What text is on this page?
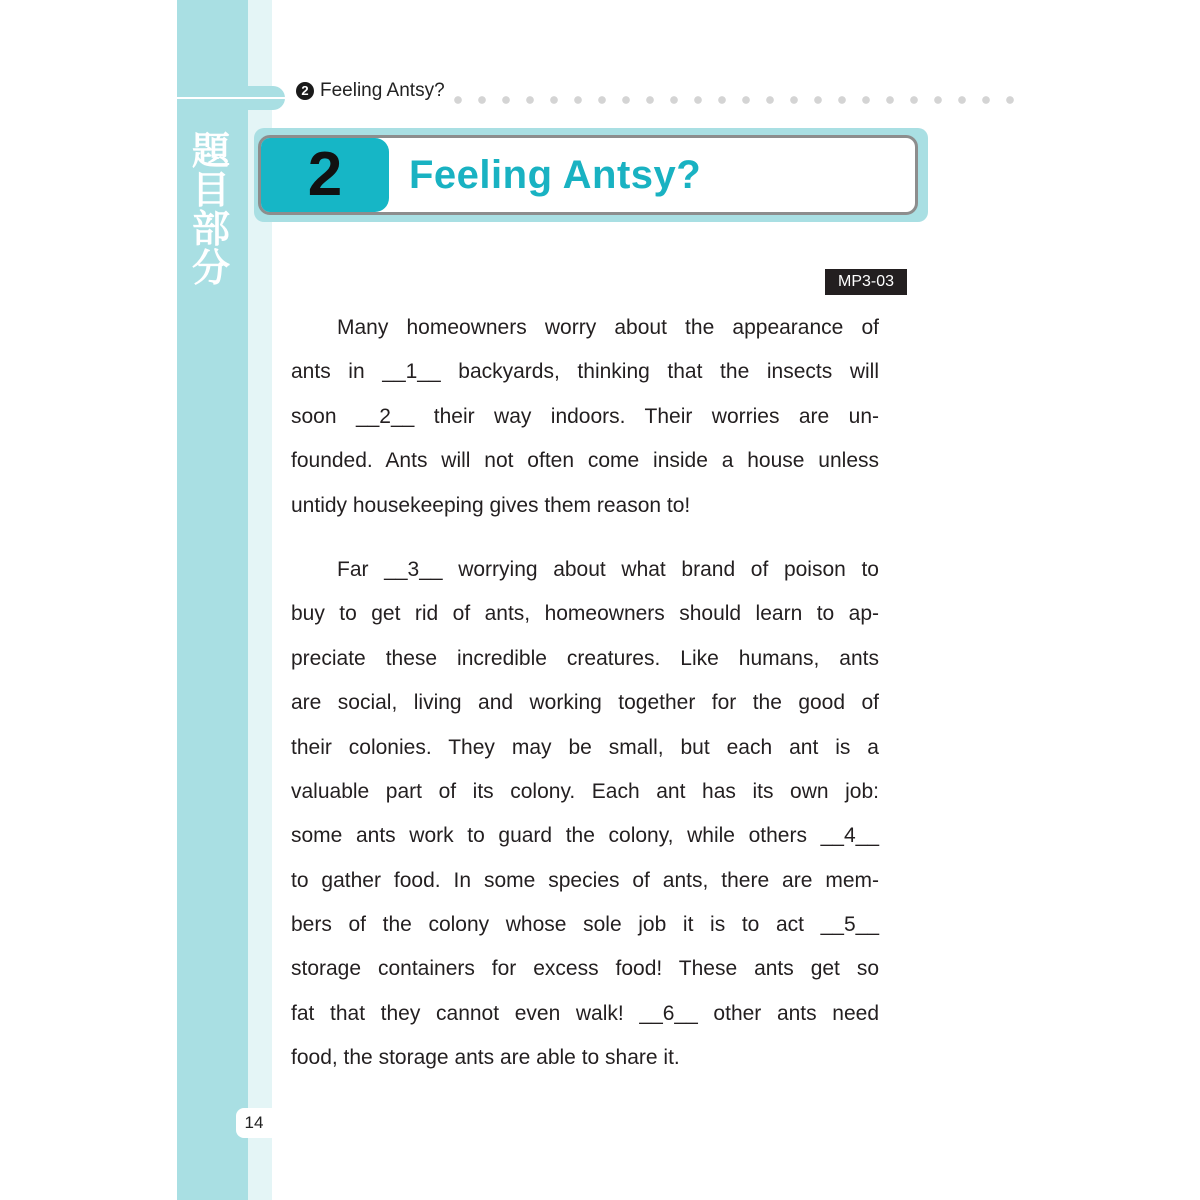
題
目
部
分
2 Feeling Antsy?
2	Feeling Antsy?
MP3-03

Many homeowners worry about the appearance of
ants in __1__ backyards, thinking that the insects will
soon __2__ their way indoors. Their worries are un-
founded. Ants will not often come inside a house unless
untidy housekeeping gives them reason to!

Far __3__ worrying about what brand of poison to
buy to get rid of ants, homeowners should learn to ap-
preciate these incredible creatures. Like humans, ants
are social, living and working together for the good of
their colonies. They may be small, but each ant is a
valuable part of its colony. Each ant has its own job:
some ants work to guard the colony, while others __4__
to gather food. In some species of ants, there are mem-
bers of the colony whose sole job it is to act __5__
storage containers for excess food! These ants get so
fat that they cannot even walk! __6__ other ants need
food, the storage ants are able to share it.

14
